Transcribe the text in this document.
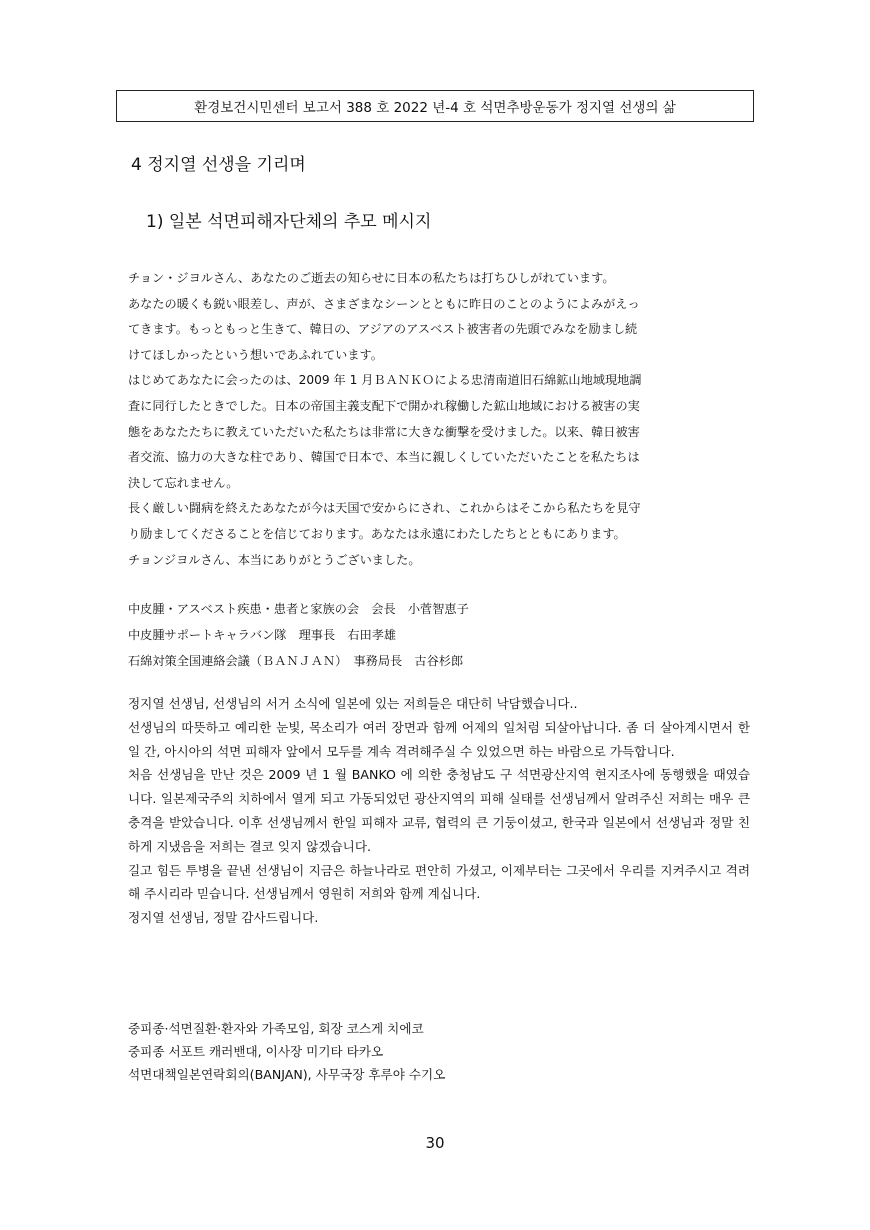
환경보건시민센터 보고서 388 호 2022 년-4 호 석면추방운동가 정지열 선생의 삶
4 정지열 선생을 기리며
1) 일본 석면피해자단체의 추모 메시지

チョン・ジヨルさん、あなたのご逝去の知らせに日本の私たちは打ちひしがれています。

あなたの暖くも鋭い眼差し、声が、さまざまなシーンとともに昨日のことのようによみがえっ

てきます。もっともっと生きて、韓日の、アジアのアスベスト被害者の先頭でみなを励まし続

けてほしかったという想いであふれています。

はじめてあなたに会ったのは、2009 年 1 月ＢＡＮＫＯによる忠清南道旧石綿鉱山地域現地調

査に同行したときでした。日本の帝国主義支配下で開かれ稼働した鉱山地域における被害の実

態をあなたたちに教えていただいた私たちは非常に大きな衝撃を受けました。以来、韓日被害

者交流、協力の大きな柱であり、韓国で日本で、本当に親しくしていただいたことを私たちは

決して忘れません。

長く厳しい闘病を終えたあなたが今は天国で安からにされ、これからはそこから私たちを見守

り励ましてくださることを信じております。あなたは永遠にわたしたちとともにあります。

チョンジヨルさん、本当にありがとうございました。

中皮腫・アスベスト疾患・患者と家族の会　会長　小菅智恵子

中皮腫サポートキャラバン隊　理事長　右田孝雄

石綿対策全国連絡会議（ＢＡＮＪＡＮ）　事務局長　古谷杉郎

정지열 선생님, 선생님의 서거 소식에 일본에 있는 저희들은 대단히 낙담했습니다..

선생님의 따뜻하고 예리한 눈빛, 목소리가 여러 장면과 함께 어제의 일처럼 되살아납니다. 좀 더 살아계시면서 한일 간, 아시아의 석면 피해자 앞에서 모두를 계속 격려해주실 수 있었으면 하는 바람으로 가득합니다.

처음 선생님을 만난 것은 2009 년 1 월 BANKO 에 의한 충청남도 구 석면광산지역 현지조사에 동행했을 때였습니다. 일본제국주의 치하에서 열게 되고 가동되었던 광산지역의 피해 실태를 선생님께서 알려주신 저희는 매우 큰 충격을 받았습니다. 이후 선생님께서 한일 피해자 교류, 협력의 큰 기둥이셨고, 한국과 일본에서 선생님과 정말 친하게 지냈음을 저희는 결코 잊지 않겠습니다.

길고 힘든 투병을 끝낸 선생님이 지금은 하늘나라로 편안히 가셨고, 이제부터는 그곳에서 우리를 지켜주시고 격려해 주시리라 믿습니다. 선생님께서 영원히 저희와 함께 계십니다.

정지열 선생님, 정말 감사드립니다.

중피종·석면질환·환자와 가족모임, 회장 코스게 치에코

중피종 서포트 캐러밴대, 이사장 미기타 타카오

석면대책일본연락회의(BANJAN), 사무국장 후루야 수기오

30
